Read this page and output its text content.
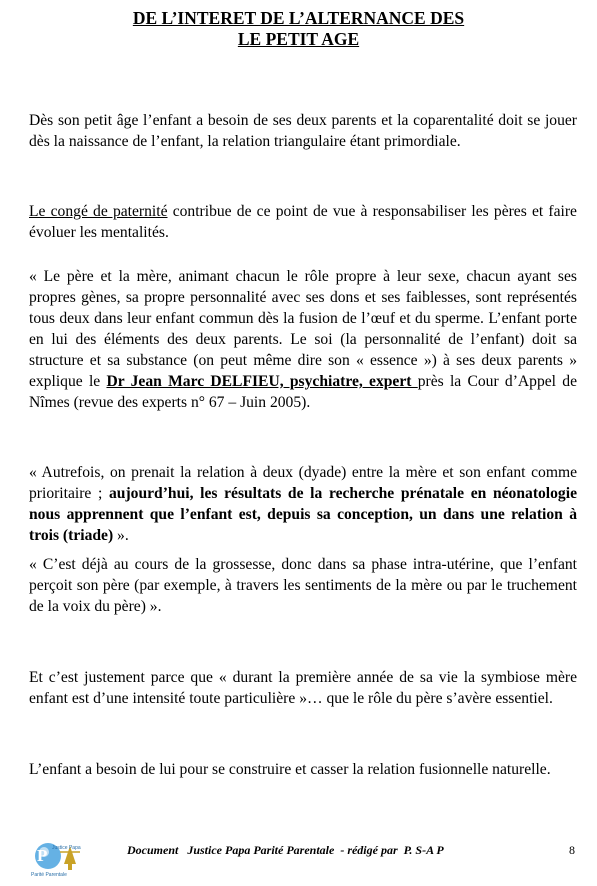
DE L’INTERET DE L’ALTERNANCE DES
LE PETIT AGE

Dès son petit âge l’enfant a besoin de ses deux parents et la coparentalité doit se jouer dès la naissance de l’enfant, la relation triangulaire étant primordiale.

Le congé de paternité contribue de ce point de vue à responsabiliser les pères et faire évoluer les mentalités.

« Le père et la mère, animant chacun le rôle propre à leur sexe, chacun ayant ses propres gènes, sa propre personnalité avec ses dons et ses faiblesses, sont représentés tous deux dans leur enfant commun dès la fusion de l’œuf et du sperme. L’enfant porte en lui des éléments des deux parents. Le soi (la personnalité de l’enfant) doit sa structure et sa substance (on peut même dire son « essence ») à ses deux parents » explique le Dr Jean Marc DELFIEU, psychiatre, expert près la Cour d’Appel de Nîmes (revue des experts n° 67 – Juin 2005).

« Autrefois, on prenait la relation à deux (dyade) entre la mère et son enfant comme prioritaire ; aujourd’hui, les résultats de la recherche prénatale en néonatologie nous apprennent que l’enfant est, depuis sa conception, un dans une relation à trois (triade) ».

« C’est déjà au cours de la grossesse, donc dans sa phase intra-utérine, que l’enfant perçoit son père (par exemple, à travers les sentiments de la mère ou par le truchement de la voix du père) ».

Et c’est justement parce que « durant la première année de sa vie la symbiose mère enfant est d’une intensité toute particulière »… que le rôle du père s’avère essentiel.

L’enfant a besoin de lui pour se construire et casser la relation fusionnelle naturelle.

P Justice Papa
Parité Parentale
Document   Justice Papa Parité Parentale  - rédigé par  P. S-A P	8
